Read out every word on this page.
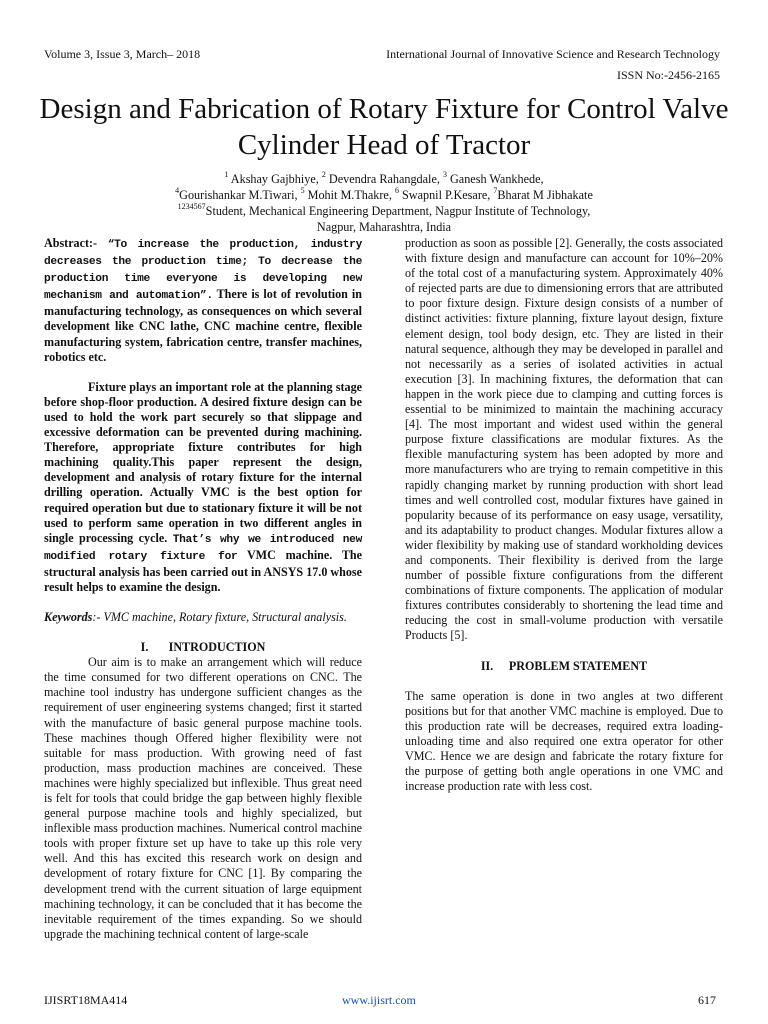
Volume 3, Issue 3, March– 2018	International Journal of Innovative Science and Research Technology
ISSN No:-2456-2165
Design and Fabrication of Rotary Fixture for Control Valve Cylinder Head of Tractor
$^1$ Akshay Gajbhiye, $^2$ Devendra Rahangdale, $^3$ Ganesh Wankhede,
$^4$Gourishankar M.Tiwari, $^5$ Mohit M.Thakre, $^6$ Swapnil P.Kesare, $^7$Bharat M Jibhakate
$^{1234567}$Student, Mechanical Engineering Department, Nagpur Institute of Technology,
Nagpur, Maharashtra, India

Abstract:- “To increase the production, industry decreases the production time; To decrease the production time everyone is developing new mechanism and automation”. There is lot of revolution in manufacturing technology, as consequences on which several development like CNC lathe, CNC machine centre, flexible manufacturing system, fabrication centre, transfer machines, robotics etc.

Fixture plays an important role at the planning stage before shop-floor production. A desired fixture design can be used to hold the work part securely so that slippage and excessive deformation can be prevented during machining. Therefore, appropriate fixture contributes for high machining quality.This paper represent the design, development and analysis of rotary fixture for the internal drilling operation. Actually VMC is the best option for required operation but due to stationary fixture it will be not used to perform same operation in two different angles in single processing cycle. That’s why we introduced new modified rotary fixture for VMC machine. The structural analysis has been carried out in ANSYS 17.0 whose result helps to examine the design.

Keywords:- VMC machine, Rotary fixture, Structural analysis.

I. INTRODUCTION

Our aim is to make an arrangement which will reduce the time consumed for two different operations on CNC. The machine tool industry has undergone sufficient changes as the requirement of user engineering systems changed; first it started with the manufacture of basic general purpose machine tools. These machines though Offered higher flexibility were not suitable for mass production. With growing need of fast production, mass production machines are conceived. These machines were highly specialized but inflexible. Thus great need is felt for tools that could bridge the gap between highly flexible general purpose machine tools and highly specialized, but inflexible mass production machines. Numerical control machine tools with proper fixture set up have to take up this role very well. And this has excited this research work on design and development of rotary fixture for CNC [1]. By comparing the development trend with the current situation of large equipment machining technology, it can be concluded that it has become the inevitable requirement of the times expanding. So we should upgrade the machining technical content of large-scale

production as soon as possible [2]. Generally, the costs associated with fixture design and manufacture can account for 10%–20% of the total cost of a manufacturing system. Approximately 40% of rejected parts are due to dimensioning errors that are attributed to poor fixture design. Fixture design consists of a number of distinct activities: fixture planning, fixture layout design, fixture element design, tool body design, etc. They are listed in their natural sequence, although they may be developed in parallel and not necessarily as a series of isolated activities in actual execution [3]. In machining fixtures, the deformation that can happen in the work piece due to clamping and cutting forces is essential to be minimized to maintain the machining accuracy [4]. The most important and widest used within the general purpose fixture classifications are modular fixtures. As the flexible manufacturing system has been adopted by more and more manufacturers who are trying to remain competitive in this rapidly changing market by running production with short lead times and well controlled cost, modular fixtures have gained in popularity because of its performance on easy usage, versatility, and its adaptability to product changes. Modular fixtures allow a wider flexibility by making use of standard workholding devices and components. Their flexibility is derived from the large number of possible fixture configurations from the different combinations of fixture components. The application of modular fixtures contributes considerably to shortening the lead time and reducing the cost in small-volume production with versatile Products [5].

II. PROBLEM STATEMENT

The same operation is done in two angles at two different positions but for that another VMC machine is employed. Due to this production rate will be decreases, required extra loading-unloading time and also required one extra operator for other VMC. Hence we are design and fabricate the rotary fixture for the purpose of getting both angle operations in one VMC and increase production rate with less cost.

IJISRT18MA414	www.ijisrt.com	617
